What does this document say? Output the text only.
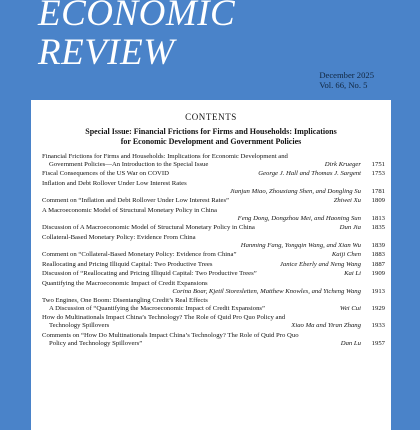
ECONOMIC
REVIEW
December 2025
Vol. 66, No. 5
CONTENTS
Special Issue: Financial Frictions for Firms and Households: Implications
for Economic Development and Government Policies
Financial Frictions for Firms and Households: Implications for Economic Development and
Government Policies—An Introduction to the Special Issue	Dirk Krueger	1751
Fiscal Consequences of the US War on COVID	George J. Hall and Thomas J. Sargent	1753
Inflation and Debt Rollover Under Low Interest Rates
Jianjun Miao, Zhouxiang Shen, and Dongling Su	1781
Comment on “Inflation and Debt Rollover Under Low Interest Rates”	Zhiwei Xu	1809
A Macroeconomic Model of Structural Monetary Policy in China
Feng Dong, Dongzhou Mei, and Haoning Sun	1813
Discussion of A Macroeconomic Model of Structural Monetary Policy in China	Dun Jia	1835
Collateral-Based Monetary Policy: Evidence From China
Hanming Fang, Yongqin Wang, and Xian Wu	1839
Comment on “Collateral-Based Monetary Policy: Evidence from China”	Kaiji Chen	1883
Reallocating and Pricing Illiquid Capital: Two Productive Trees	Janice Eberly and Neng Wang	1887
Discussion of “Reallocating and Pricing Illiquid Capital: Two Productive Trees”	Kai Li	1909
Quantifying the Macroeconomic Impact of Credit Expansions
Corina Boar, Kjetil Storesletten, Matthew Knowles, and Yicheng Wang	1913
Two Engines, One Boom: Disentangling Credit’s Real Effects
A Discussion of “Quantifying the Macroeconomic Impact of Credit Expansions”	Wei Cui	1929
How do Multinationals Impact China’s Technology? The Role of Quid Pro Quo Policy and
Technology Spillovers	Xiao Ma and Yiran Zhang	1933
Comments on “How Do Multinationals Impact China’s Technology? The Role of Quid Pro Quo
Policy and Technology Spillovers”	Dan Lu	1957
